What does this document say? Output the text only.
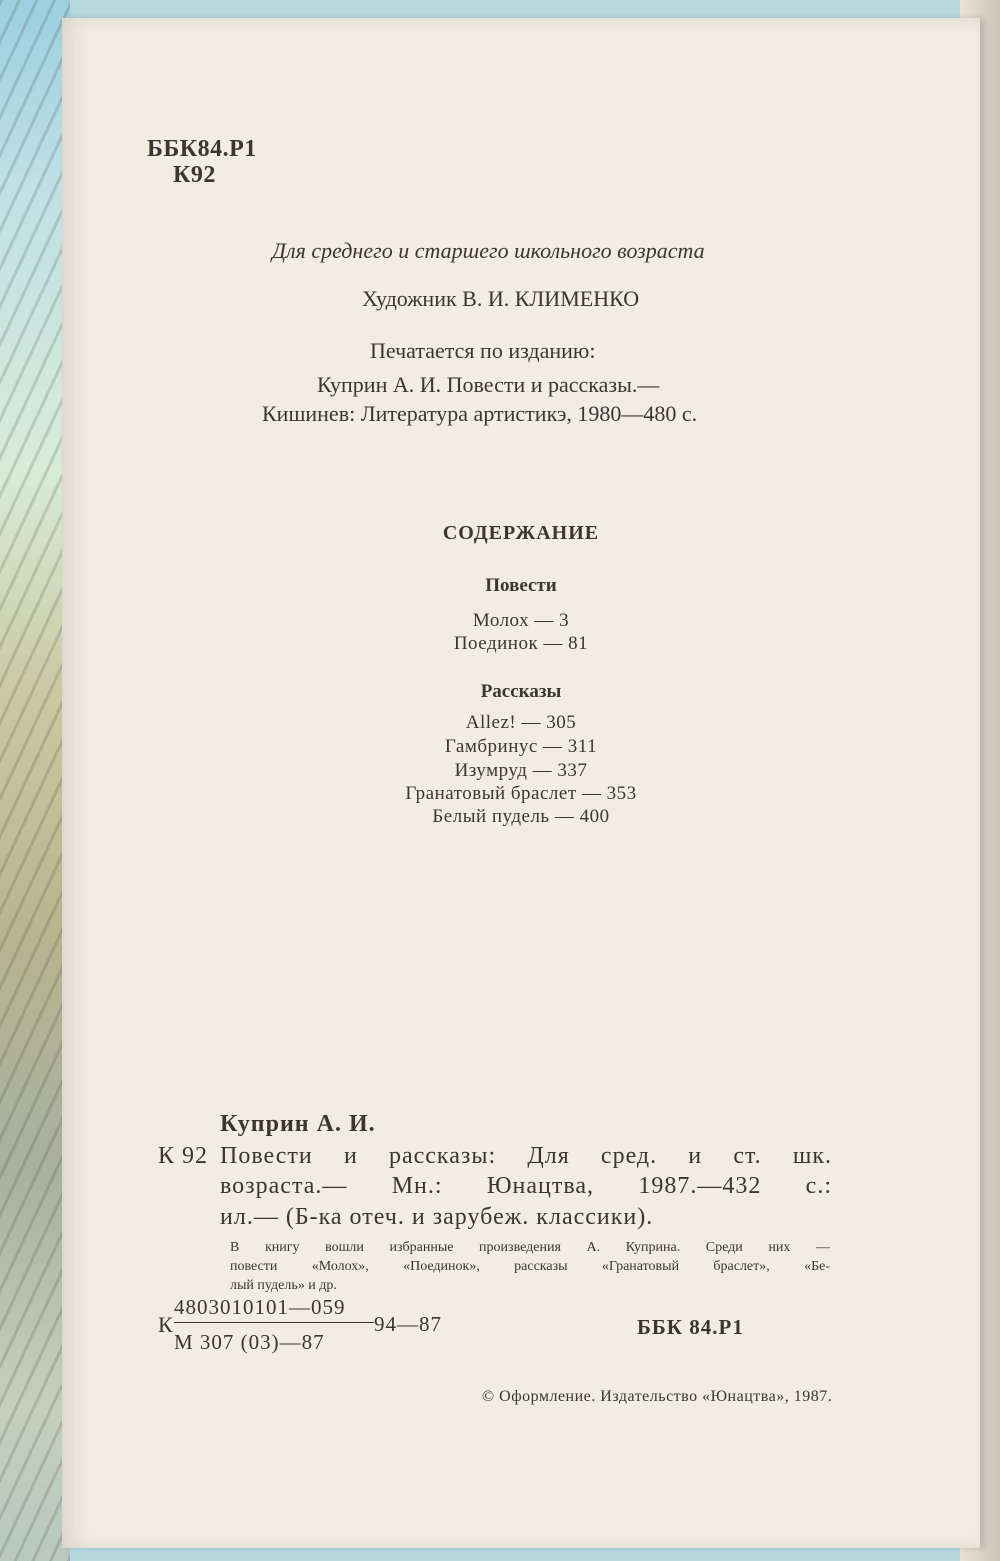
ББК84.Р1
К92
Для среднего и старшего школьного возраста
Художник В. И. КЛИМЕНКО
Печатается по изданию:
Куприн А. И. Повести и рассказы.—
Кишинев: Литература артистикэ, 1980—480 с.
СОДЕРЖАНИЕ
Повести
Молох — 3
Поединок — 81
Рассказы
Allez! — 305
Гамбринус — 311
Изумруд — 337
Гранатовый браслет — 353
Белый пудель — 400
Куприн А. И.
К 92 Повести и рассказы: Для сред. и ст. шк.
возраста.— Мн.: Юнацтва, 1987.—432 с.:
ил.— (Б-ка отеч. и зарубеж. классики).
В книгу вошли избранные произведения А. Куприна. Среди них —
повести «Молох», «Поединок», рассказы «Гранатовый браслет», «Бе-
лый пудель» и др.
К
4803010101—059
М 307 (03)—87
94—87	ББК 84.Р1
© Оформление. Издательство «Юнацтва», 1987.
